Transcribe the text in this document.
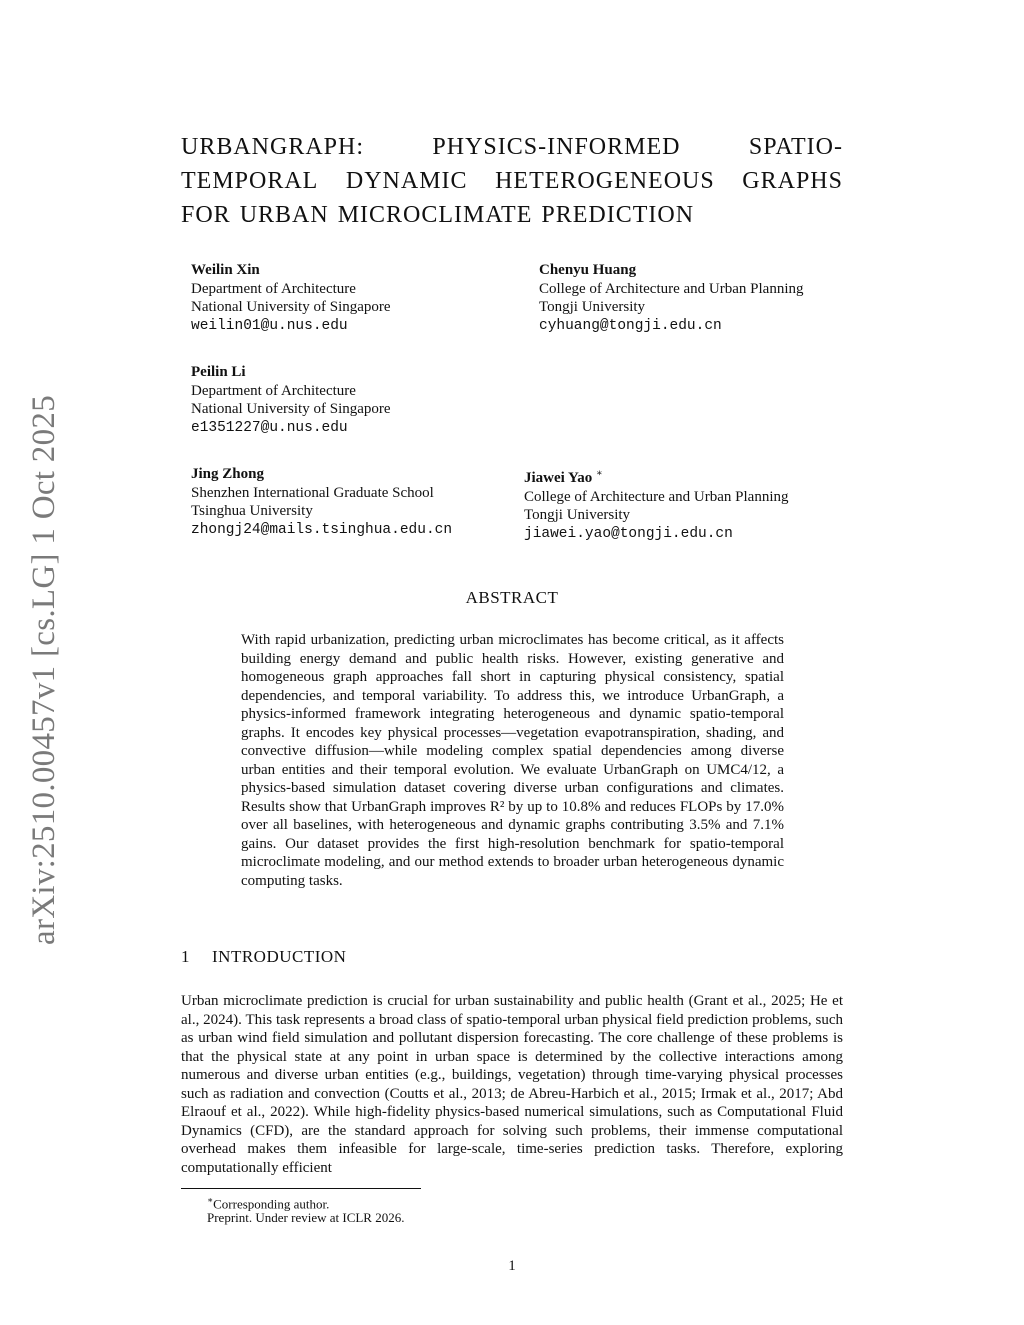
arXiv:2510.00457v1 [cs.LG] 1 Oct 2025
URBANGRAPH:	PHYSICS-INFORMED	SPATIO-
TEMPORAL DYNAMIC HETEROGENEOUS GRAPHS
FOR URBAN MICROCLIMATE PREDICTION
Weilin Xin
Department of Architecture
National University of Singapore
weilin01@u.nus.edu
Chenyu Huang
College of Architecture and Urban Planning
Tongji University
cyhuang@tongji.edu.cn
Peilin Li
Department of Architecture
National University of Singapore
e1351227@u.nus.edu
Jing Zhong
Shenzhen International Graduate School
Tsinghua University
zhongj24@mails.tsinghua.edu.cn
Jiawei Yao ∗
College of Architecture and Urban Planning
Tongji University
jiawei.yao@tongji.edu.cn
ABSTRACT
With rapid urbanization, predicting urban microclimates has become critical, as it affects building energy demand and public health risks. However, existing generative and homogeneous graph approaches fall short in capturing physical consistency, spatial dependencies, and temporal variability. To address this, we introduce UrbanGraph, a physics-informed framework integrating heterogeneous and dynamic spatio-temporal graphs. It encodes key physical processes—vegetation evapotranspiration, shading, and convective diffusion—while modeling complex spatial dependencies among diverse urban entities and their temporal evolution. We evaluate UrbanGraph on UMC4/12, a physics-based simulation dataset covering diverse urban configurations and climates. Results show that UrbanGraph improves R² by up to 10.8% and reduces FLOPs by 17.0% over all baselines, with heterogeneous and dynamic graphs contributing 3.5% and 7.1% gains. Our dataset provides the first high-resolution benchmark for spatio-temporal microclimate modeling, and our method extends to broader urban heterogeneous dynamic computing tasks.
1 INTRODUCTION
Urban microclimate prediction is crucial for urban sustainability and public health (Grant et al., 2025; He et al., 2024). This task represents a broad class of spatio-temporal urban physical field prediction problems, such as urban wind field simulation and pollutant dispersion forecasting. The core challenge of these problems is that the physical state at any point in urban space is determined by the collective interactions among numerous and diverse urban entities (e.g., buildings, vegetation) through time-varying physical processes such as radiation and convection (Coutts et al., 2013; de Abreu-Harbich et al., 2015; Irmak et al., 2017; Abd Elraouf et al., 2022). While high-fidelity physics-based numerical simulations, such as Computational Fluid Dynamics (CFD), are the standard approach for solving such problems, their immense computational overhead makes them infeasible for large-scale, time-series prediction tasks. Therefore, exploring computationally efficient
∗Corresponding author.
Preprint. Under review at ICLR 2026.
1
